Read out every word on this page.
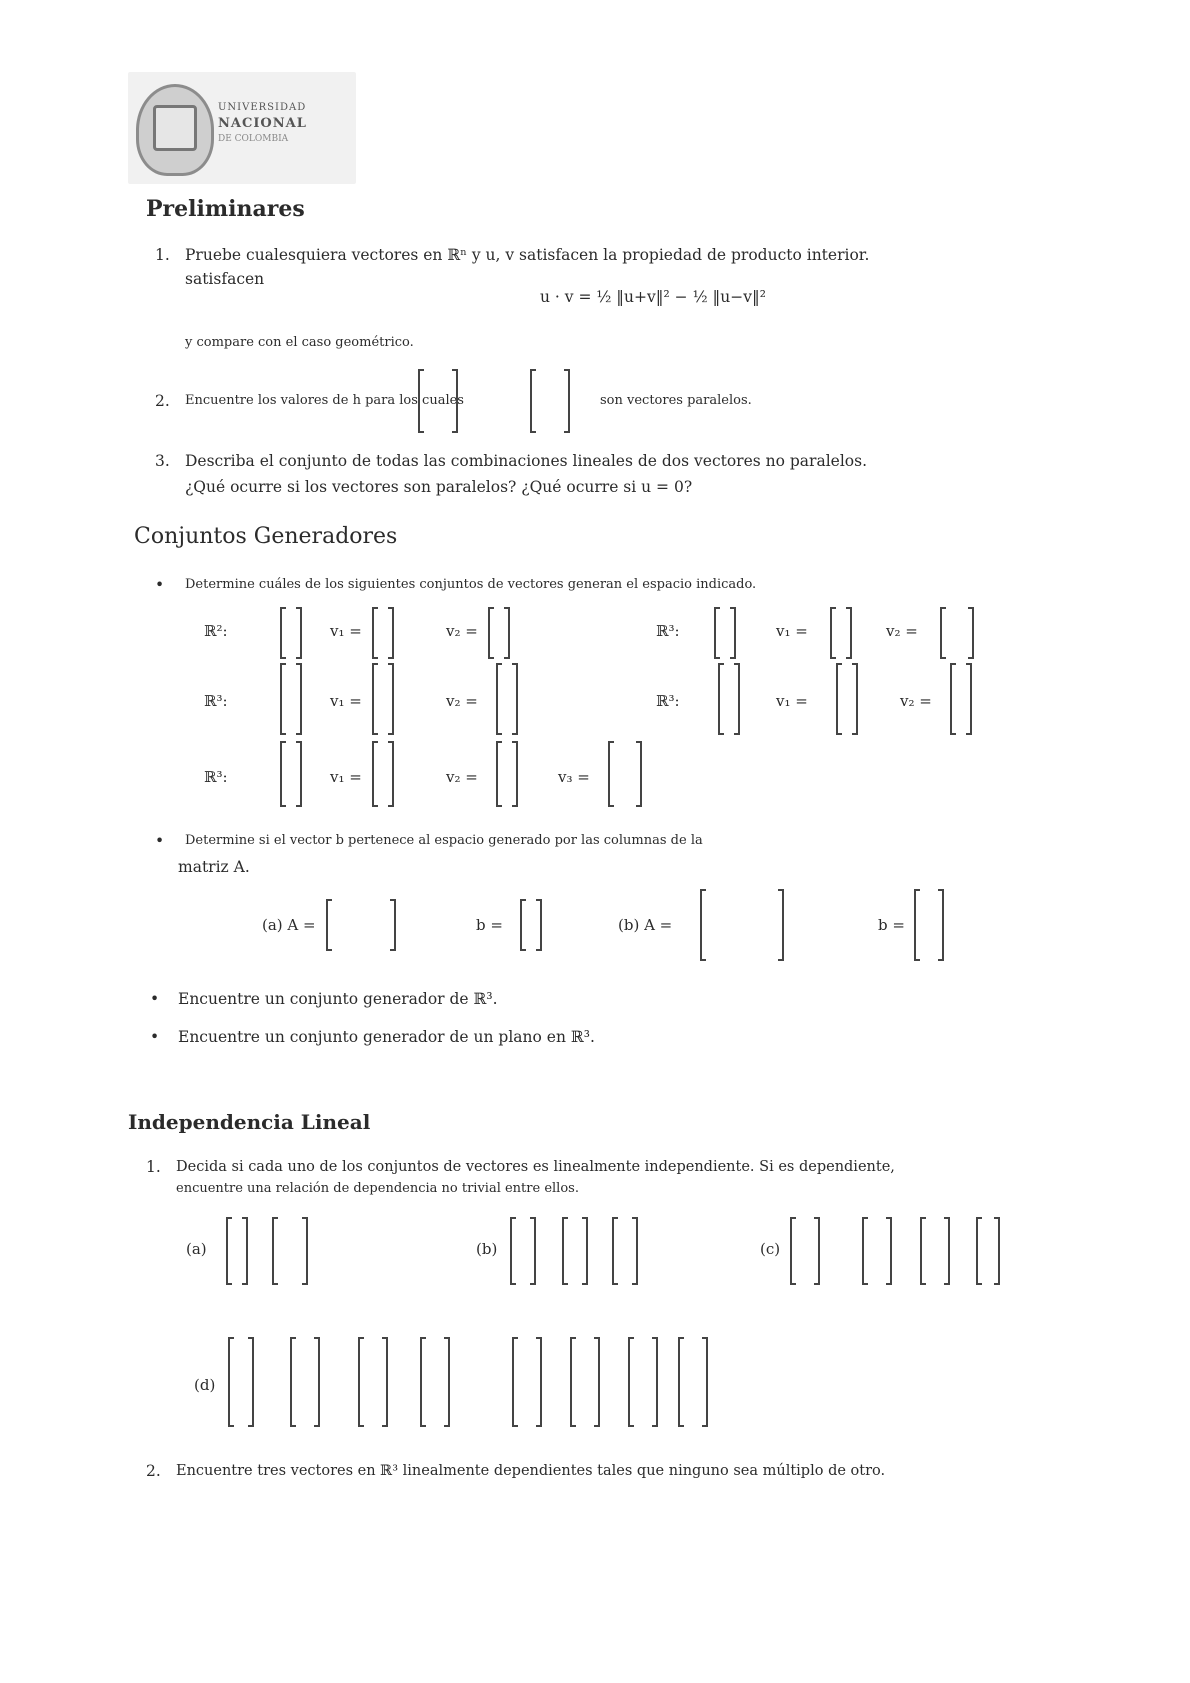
UNIVERSIDAD
NACIONAL
DE COLOMBIA
Preliminares
1. Pruebe cualesquiera vectores en ℝⁿ y u, v satisfacen la propiedad de producto interior.
satisfacen
u · v = ½ ‖u+v‖² − ½ ‖u−v‖²
y compare con el caso geométrico.
2. Encuentre los valores de h para los cuales	son vectores paralelos.
3. Describa el conjunto de todas las combinaciones lineales de dos vectores no paralelos.
¿Qué ocurre si los vectores son paralelos? ¿Qué ocurre si u = 0?
Conjuntos Generadores
• Determine cuáles de los siguientes conjuntos de vectores generan el espacio indicado.
ℝ²:	v₁ =	v₂ =	ℝ³:	v₁ =	v₂ =
ℝ³:	v₁ =	v₂ =	ℝ³:	v₁ =	v₂ =
ℝ³:	v₁ =	v₂ =	v₃ =
• Determine si el vector b pertenece al espacio generado por las columnas de la
matriz A.
(a) A =	b =	(b) A =	b =
• Encuentre un conjunto generador de ℝ³.
• Encuentre un conjunto generador de un plano en ℝ³.
Independencia Lineal
1. Decida si cada uno de los conjuntos de vectores es linealmente independiente. Si es dependiente,
encuentre una relación de dependencia no trivial entre ellos.
(a)	(b)	(c)
(d)
2. Encuentre tres vectores en ℝ³ linealmente dependientes tales que ninguno sea múltiplo de otro.
